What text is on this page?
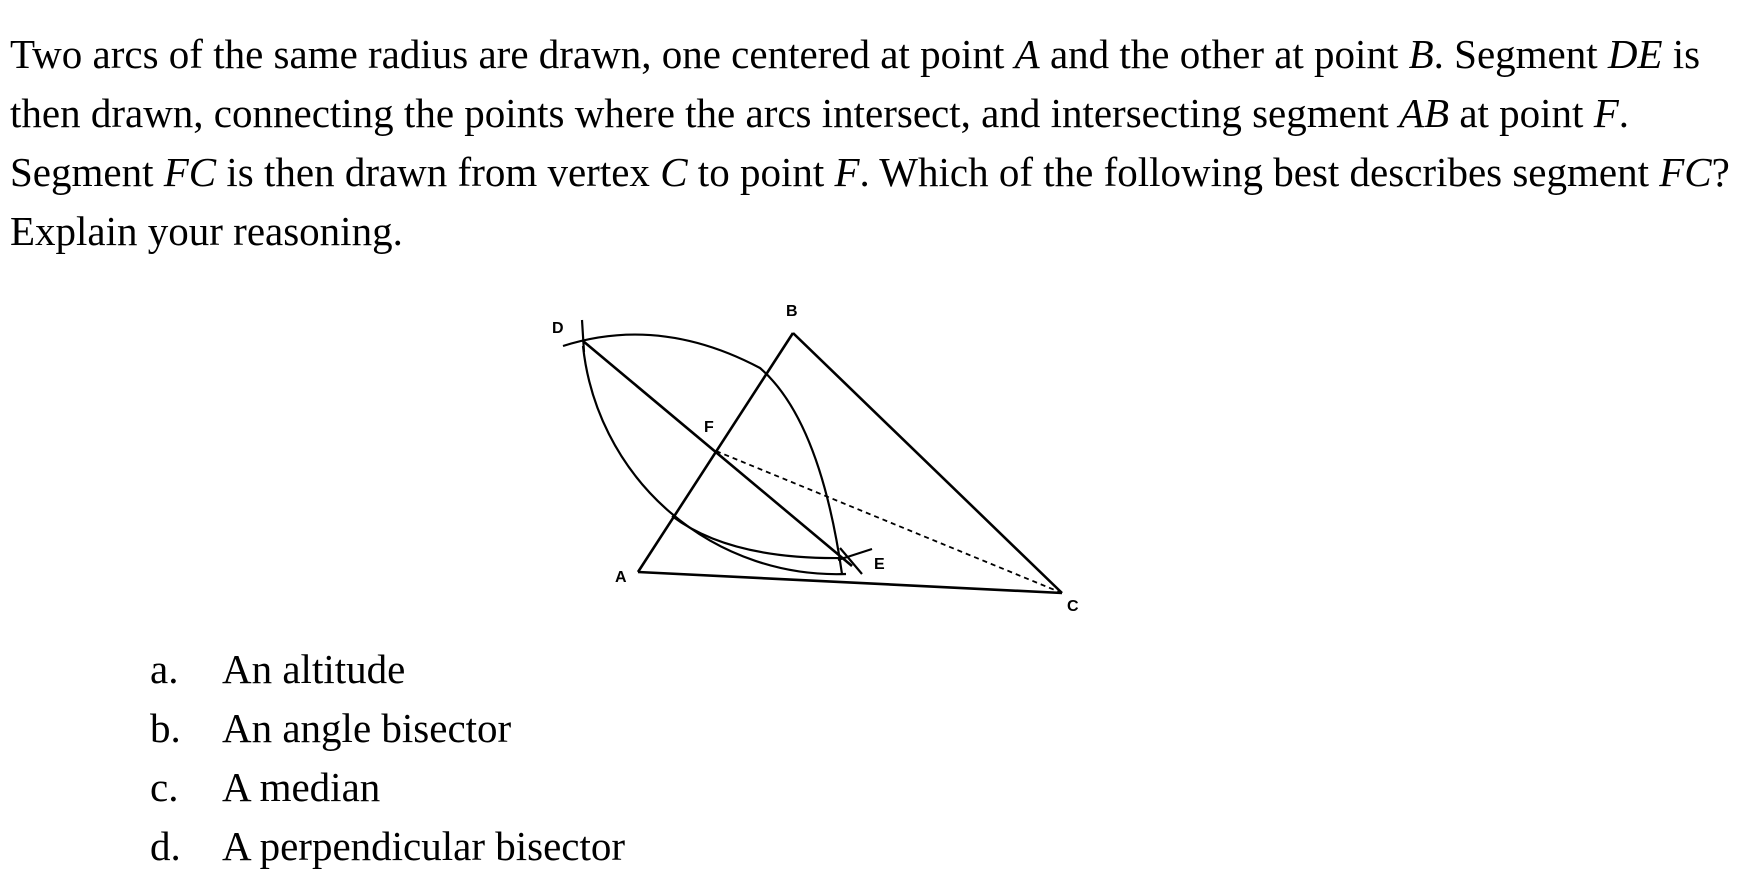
Two arcs of the same radius are drawn, one centered at point A and the other at point B. Segment DE is then drawn, connecting the points where the arcs intersect, and intersecting segment AB at point F. Segment FC is then drawn from vertex C to point F. Which of the following best describes segment FC? Explain your reasoning.
D
B
F
E
A
C
a. An altitude
b. An angle bisector
c. A median
d. A perpendicular bisector
